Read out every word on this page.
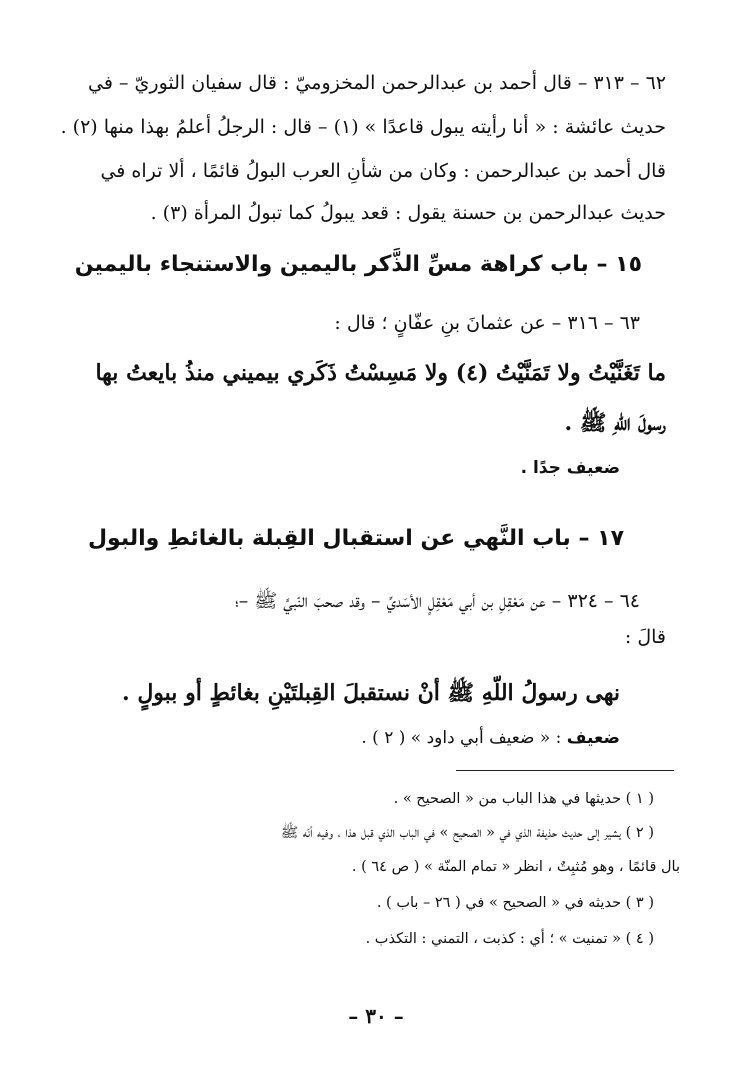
٦٢ – ٣١٣ – قال أحمد بن عبدالرحمن المخزوميّ : قال سفيان الثوريّ – في
حديث عائشة : « أنا رأيته يبول قاعدًا » (١) – قال : الرجلُ أعلمُ بهذا منها (٢) .
قال أحمد بن عبدالرحمن : وكان من شأنِ العرب البولُ قائمًا ، ألا تراه في
حديث عبدالرحمن بن حسنة يقول : قعد يبولُ كما تبولُ المرأة (٣) .
١٥ – باب كراهة مسِّ الذَّكر باليمين والاستنجاء باليمين
٦٣ – ٣١٦ – عن عثمانَ بنِ عفّانٍ ؛ قال :
ما تَغَنَّيْتُ ولا تَمَنَّيْتُ (٤) ولا مَسِسْتُ ذَكَري بيميني منذُ بايعتُ بها
رسولَ اللّهِ ﷺ .
ضعيف جدًا .
١٧ – باب النَّهي عن استقبال القِبلة بالغائطِ والبول
٦٤ – ٣٢٤ – عن مَعْقِلِ بن أبي مَعْقِلٍ الأسَديِّ – وقد صحبَ النّبيَّ ﷺ –؛
قالَ :
نهى رسولُ اللّهِ ﷺ أنْ نستقبلَ القِبلتَيْنِ بغائطٍ أو ببولٍ .
ضعيف : « ضعيف أبي داود » ( ٢ ) .
( ١ ) حديثها في هذا الباب من « الصحيح » .
( ٢ ) يشير إلى حديث حذيفة الذي في « الصحيح » في الباب الذي قبل هذا ، وفيه أنّه ﷺ
بال قائمًا ، وهو مُثبِتٌ ، انظر « تمام المنّة » ( ص ٦٤ ) .
( ٣ ) حديثه في « الصحيح » في ( ٢٦ – باب ) .
( ٤ ) « تمنيت » ؛ أي : كذبت ، التمني : التكذب .
– ٣٠ –
